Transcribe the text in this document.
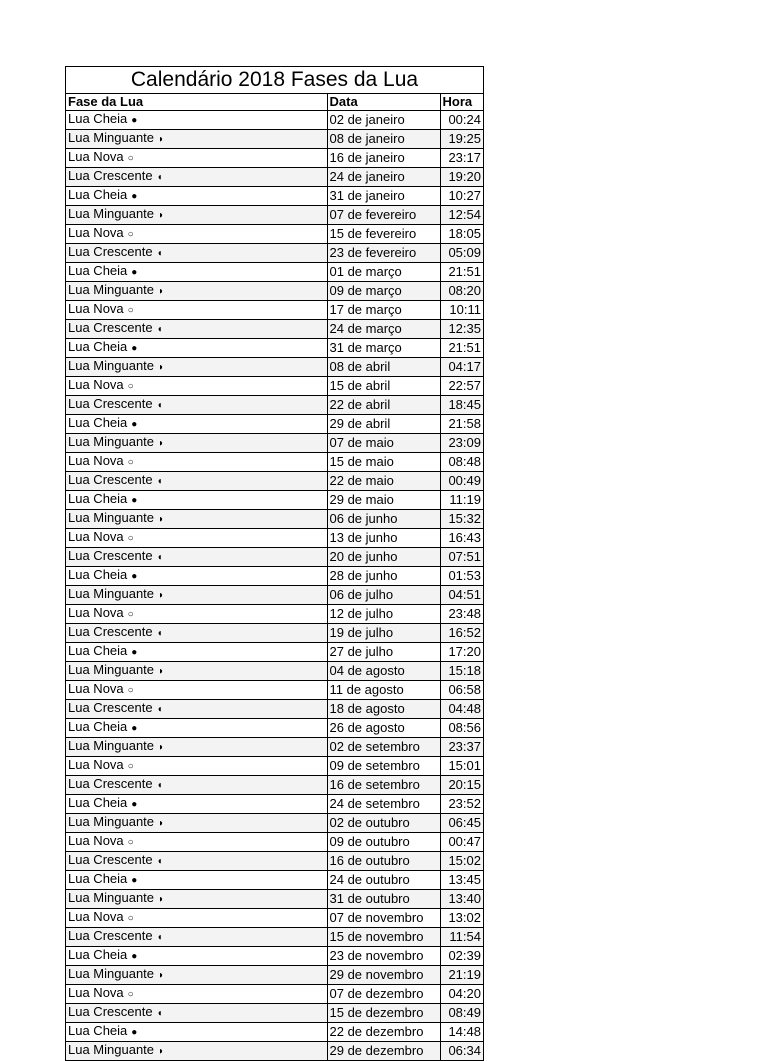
Calendário 2018 Fases da Lua
Fase da Lua	Data	Hora
Lua Cheia ●	02 de janeiro	00:24
Lua Minguante ◗	08 de janeiro	19:25
Lua Nova ○	16 de janeiro	23:17
Lua Crescente ◖	24 de janeiro	19:20
Lua Cheia ●	31 de janeiro	10:27
Lua Minguante ◗	07 de fevereiro	12:54
Lua Nova ○	15 de fevereiro	18:05
Lua Crescente ◖	23 de fevereiro	05:09
Lua Cheia ●	01 de março	21:51
Lua Minguante ◗	09 de março	08:20
Lua Nova ○	17 de março	10:11
Lua Crescente ◖	24 de março	12:35
Lua Cheia ●	31 de março	21:51
Lua Minguante ◗	08 de abril	04:17
Lua Nova ○	15 de abril	22:57
Lua Crescente ◖	22 de abril	18:45
Lua Cheia ●	29 de abril	21:58
Lua Minguante ◗	07 de maio	23:09
Lua Nova ○	15 de maio	08:48
Lua Crescente ◖	22 de maio	00:49
Lua Cheia ●	29 de maio	11:19
Lua Minguante ◗	06 de junho	15:32
Lua Nova ○	13 de junho	16:43
Lua Crescente ◖	20 de junho	07:51
Lua Cheia ●	28 de junho	01:53
Lua Minguante ◗	06 de julho	04:51
Lua Nova ○	12 de julho	23:48
Lua Crescente ◖	19 de julho	16:52
Lua Cheia ●	27 de julho	17:20
Lua Minguante ◗	04 de agosto	15:18
Lua Nova ○	11 de agosto	06:58
Lua Crescente ◖	18 de agosto	04:48
Lua Cheia ●	26 de agosto	08:56
Lua Minguante ◗	02 de setembro	23:37
Lua Nova ○	09 de setembro	15:01
Lua Crescente ◖	16 de setembro	20:15
Lua Cheia ●	24 de setembro	23:52
Lua Minguante ◗	02 de outubro	06:45
Lua Nova ○	09 de outubro	00:47
Lua Crescente ◖	16 de outubro	15:02
Lua Cheia ●	24 de outubro	13:45
Lua Minguante ◗	31 de outubro	13:40
Lua Nova ○	07 de novembro	13:02
Lua Crescente ◖	15 de novembro	11:54
Lua Cheia ●	23 de novembro	02:39
Lua Minguante ◗	29 de novembro	21:19
Lua Nova ○	07 de dezembro	04:20
Lua Crescente ◖	15 de dezembro	08:49
Lua Cheia ●	22 de dezembro	14:48
Lua Minguante ◗	29 de dezembro	06:34
